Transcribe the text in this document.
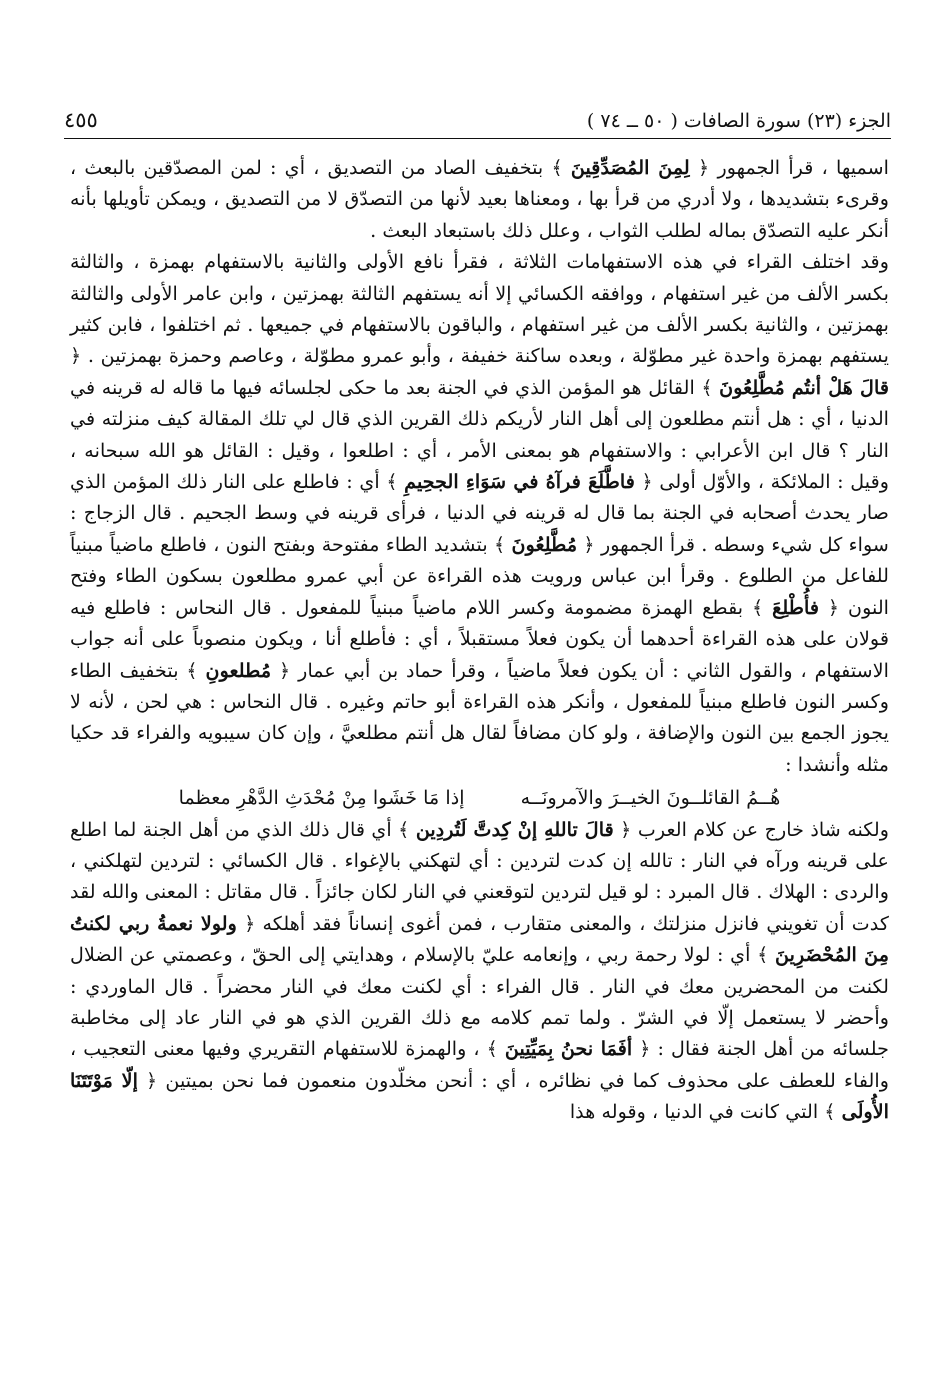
الجزء (٢٣) سورة الصافات ( ٥٠ ــ ٧٤ )
٤٥٥

اسميها ، قرأ الجمهور ﴿ لِمِنَ المُصَدِّقِينَ ﴾ بتخفيف الصاد من التصديق ، أي : لمن المصدّقين بالبعث ، وقرىء بتشديدها ، ولا أدري من قرأ بها ، ومعناها بعيد لأنها من التصدّق لا من التصديق ، ويمكن تأويلها بأنه أنكر عليه التصدّق بماله لطلب الثواب ، وعلل ذلك باستبعاد البعث .

وقد اختلف القراء في هذه الاستفهامات الثلاثة ، فقرأ نافع الأولى والثانية بالاستفهام بهمزة ، والثالثة بكسر الألف من غير استفهام ، ووافقه الكسائي إلا أنه يستفهم الثالثة بهمزتين ، وابن عامر الأولى والثالثة بهمزتين ، والثانية بكسر الألف من غير استفهام ، والباقون بالاستفهام في جميعها . ثم اختلفوا ، فابن كثير يستفهم بهمزة واحدة غير مطوّلة ، وبعده ساكنة خفيفة ، وأبو عمرو مطوّلة ، وعاصم وحمزة بهمزتين . ﴿ قالَ هَلْ أنتُم مُطَّلِعُونَ ﴾ القائل هو المؤمن الذي في الجنة بعد ما حكى لجلسائه فيها ما قاله له قرينه في الدنيا ، أي : هل أنتم مطلعون إلى أهل النار لأريكم ذلك القرين الذي قال لي تلك المقالة كيف منزلته في النار ؟ قال ابن الأعرابي : والاستفهام هو بمعنى الأمر ، أي : اطلعوا ، وقيل : القائل هو الله سبحانه ، وقيل : الملائكة ، والأوّل أولى ﴿ فاطَّلَعَ فرآهُ في سَوَاءِ الجحِيمِ ﴾ أي : فاطلع على النار ذلك المؤمن الذي صار يحدث أصحابه في الجنة بما قال له قرينه في الدنيا ، فرأى قرينه في وسط الجحيم . قال الزجاج : سواء كل شيء وسطه . قرأ الجمهور ﴿ مُطَّلِعُونَ ﴾ بتشديد الطاء مفتوحة وبفتح النون ، فاطلع ماضياً مبنياً للفاعل من الطلوع . وقرأ ابن عباس ورويت هذه القراءة عن أبي عمرو مطلعون بسكون الطاء وفتح النون ﴿ فأُطْلِعَ ﴾ بقطع الهمزة مضمومة وكسر اللام ماضياً مبنياً للمفعول . قال النحاس : فاطلع فيه قولان على هذه القراءة أحدهما أن يكون فعلاً مستقبلاً ، أي : فأطلع أنا ، ويكون منصوباً على أنه جواب الاستفهام ، والقول الثاني : أن يكون فعلاً ماضياً ، وقرأ حماد بن أبي عمار ﴿ مُطلعونِ ﴾ بتخفيف الطاء وكسر النون فاطلع مبنياً للمفعول ، وأنكر هذه القراءة أبو حاتم وغيره . قال النحاس : هي لحن ، لأنه لا يجوز الجمع بين النون والإضافة ، ولو كان مضافاً لقال هل أنتم مطلعيَّ ، وإن كان سيبويه والفراء قد حكيا مثله وأنشدا :

هُــمُ القائلــونَ الخيــرَ والآمرونَــه
إذا مَا خَشَوا مِنْ مُحْدَثِ الدَّهْرِ معظما

ولكنه شاذ خارج عن كلام العرب ﴿ قالَ تاللهِ إنْ كِدتَّ لَتُردِين ﴾ أي قال ذلك الذي من أهل الجنة لما اطلع على قرينه ورآه في النار : تالله إن كدت لتردين : أي لتهكني بالإغواء . قال الكسائي : لتردين لتهلكني ، والردى : الهلاك . قال المبرد : لو قيل لتردين لتوقعني في النار لكان جائزاً . قال مقاتل : المعنى والله لقد كدت أن تغويني فانزل منزلتك ، والمعنى متقارب ، فمن أغوى إنساناً فقد أهلكه ﴿ ولولا نعمةُ ربي لكنتُ مِنَ المُحْضَرِينَ ﴾ أي : لولا رحمة ربي ، وإنعامه عليّ بالإسلام ، وهدايتي إلى الحقّ ، وعصمتي عن الضلال لكنت من المحضرين معك في النار . قال الفراء : أي لكنت معك في النار محضراً . قال الماوردي : وأحضر لا يستعمل إلّا في الشرّ . ولما تمم كلامه مع ذلك القرين الذي هو في النار عاد إلى مخاطبة جلسائه من أهل الجنة فقال : ﴿ أفَمَا نحنُ بِمَيِّتِينَ ﴾ ، والهمزة للاستفهام التقريري وفيها معنى التعجيب ، والفاء للعطف على محذوف كما في نظائره ، أي : أنحن مخلّدون منعمون فما نحن بميتين ﴿ إلّا مَوْتَتَنَا الأُولَى ﴾ التي كانت في الدنيا ، وقوله هذا
